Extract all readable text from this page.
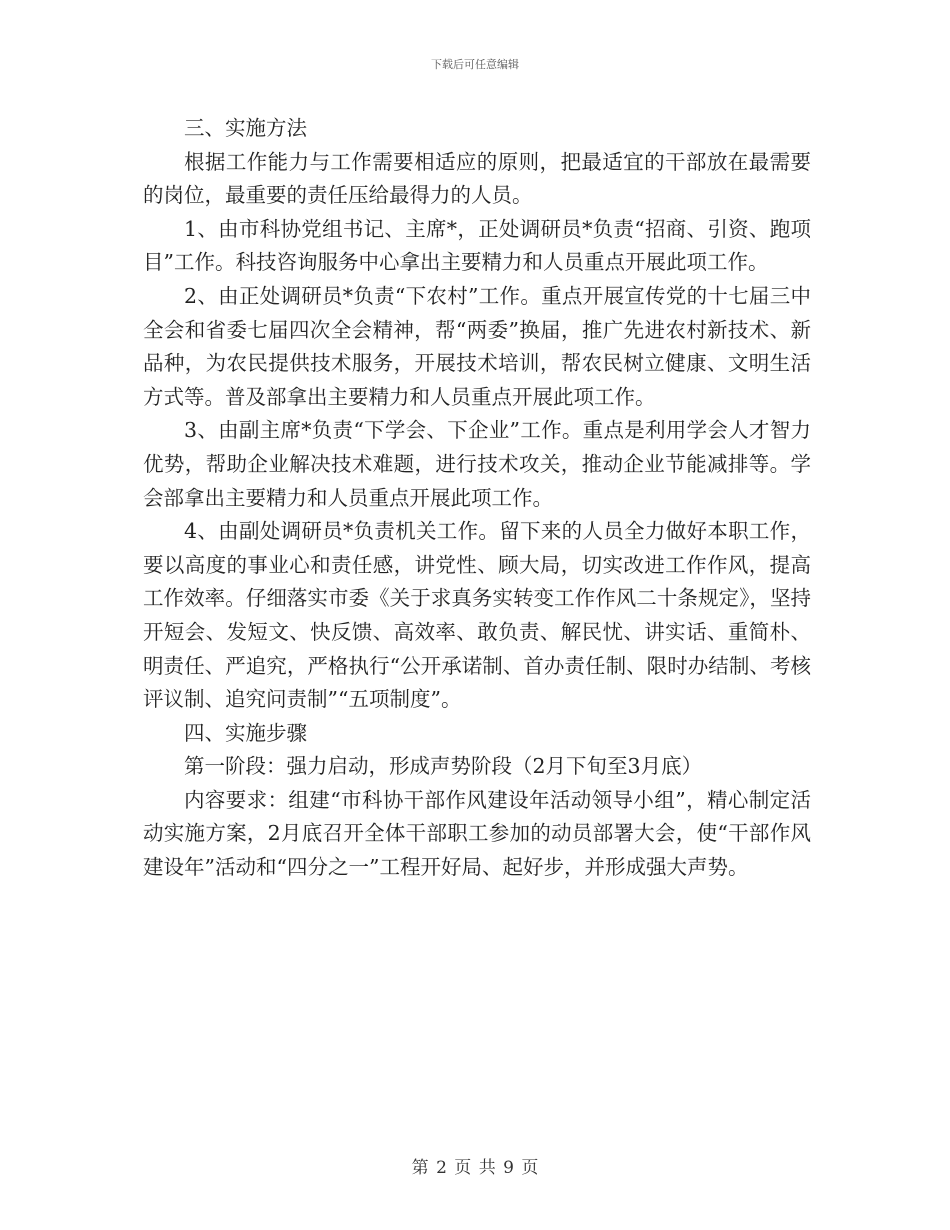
下载后可任意编辑

三、实施方法

根据工作能力与工作需要相适应的原则，把最适宜的干部放在最需要的岗位，最重要的责任压给最得力的人员。

1、由市科协党组书记、主席*，正处调研员*负责“招商、引资、跑项目”工作。科技咨询服务中心拿出主要精力和人员重点开展此项工作。

2、由正处调研员*负责“下农村”工作。重点开展宣传党的十七届三中全会和省委七届四次全会精神，帮“两委”换届，推广先进农村新技术、新品种，为农民提供技术服务，开展技术培训，帮农民树立健康、文明生活方式等。普及部拿出主要精力和人员重点开展此项工作。

3、由副主席*负责“下学会、下企业”工作。重点是利用学会人才智力优势，帮助企业解决技术难题，进行技术攻关，推动企业节能减排等。学会部拿出主要精力和人员重点开展此项工作。

4、由副处调研员*负责机关工作。留下来的人员全力做好本职工作，要以高度的事业心和责任感，讲党性、顾大局，切实改进工作作风，提高工作效率。仔细落实市委《关于求真务实转变工作作风二十条规定》，坚持开短会、发短文、快反馈、高效率、敢负责、解民忧、讲实话、重简朴、明责任、严追究，严格执行“公开承诺制、首办责任制、限时办结制、考核评议制、追究问责制”“五项制度”。

四、实施步骤

第一阶段：强力启动，形成声势阶段（2月下旬至3月底）

内容要求：组建“市科协干部作风建设年活动领导小组”，精心制定活动实施方案，2月底召开全体干部职工参加的动员部署大会，使“干部作风建设年”活动和“四分之一”工程开好局、起好步，并形成强大声势。

第 2 页 共 9 页
